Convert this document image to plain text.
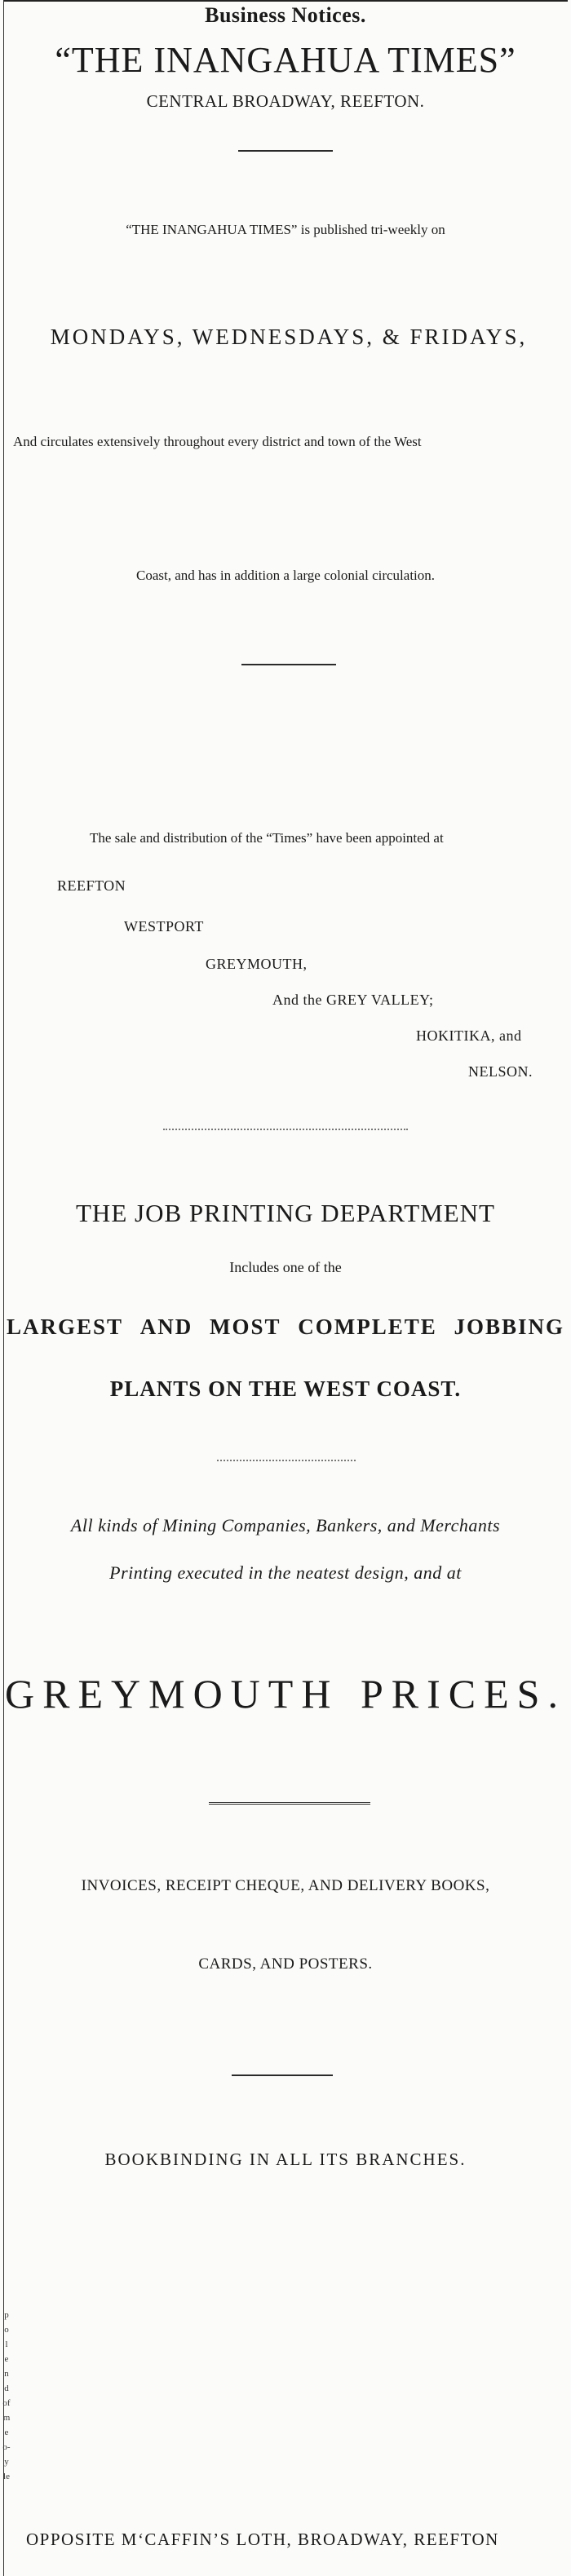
Business Notices.
“THE INANGAHUA TIMES”
CENTRAL BROADWAY, REEFTON.
“THE INANGAHUA TIMES” is published tri-weekly on
MONDAYS, WEDNESDAYS, & FRIDAYS,
And circulates extensively throughout every district and town of the West
Coast, and has in addition a large colonial circulation.
The sale and distribution of the “Times” have been appointed at
REEFTON
WESTPORT
GREYMOUTH,
And the GREY VALLEY;
HOKITIKA, and
NELSON.
THE JOB PRINTING DEPARTMENT
Includes one of the
LARGEST AND MOST COMPLETE JOBBING
PLANTS ON THE WEST COAST.
All kinds of Mining Companies, Bankers, and Merchants
Printing executed in the neatest design, and at
GREYMOUTH PRICES.
INVOICES, RECEIPT CHEQUE, AND DELIVERY BOOKS,
CARDS, AND POSTERS.
BOOKBINDING IN ALL ITS BRANCHES.
p
o
l
e
n
d
of
m
e
o-
y
le
OPPOSITE M‘CAFFIN’S LOTH, BROADWAY, REEFTON
